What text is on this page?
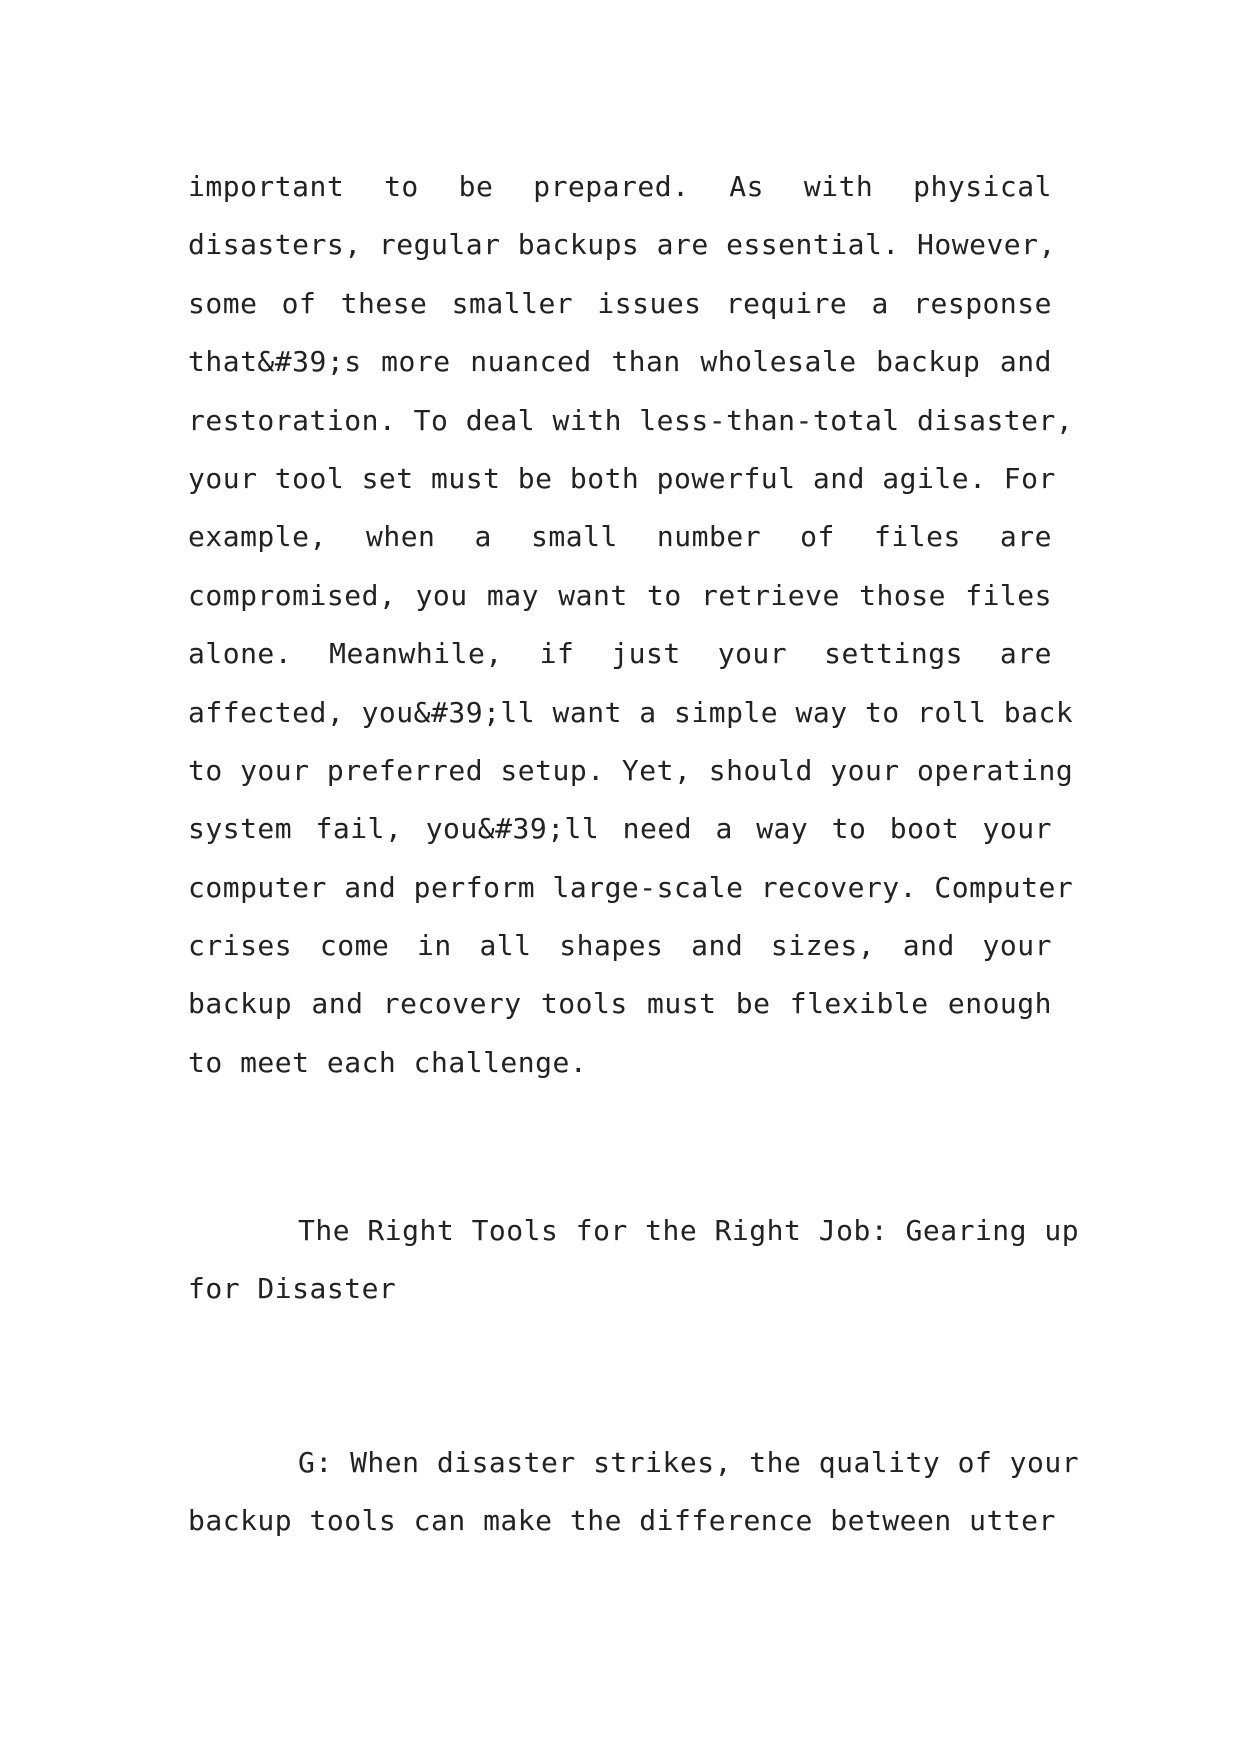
important to be prepared. As with physical
disasters, regular backups are essential. However,
some of these smaller issues require a response
that&#39;s more nuanced than wholesale backup and
restoration. To deal with less-than-total disaster,
your tool set must be both powerful and agile. For
example, when a small number of files are
compromised, you may want to retrieve those files
alone. Meanwhile, if just your settings are
affected, you&#39;ll want a simple way to roll back
to your preferred setup. Yet, should your operating
system fail, you&#39;ll need a way to boot your
computer and perform large-scale recovery. Computer
crises come in all shapes and sizes, and your
backup and recovery tools must be flexible enough
to meet each challenge.
The Right Tools for the Right Job: Gearing up
for Disaster
G: When disaster strikes, the quality of your
backup tools can make the difference between utter
